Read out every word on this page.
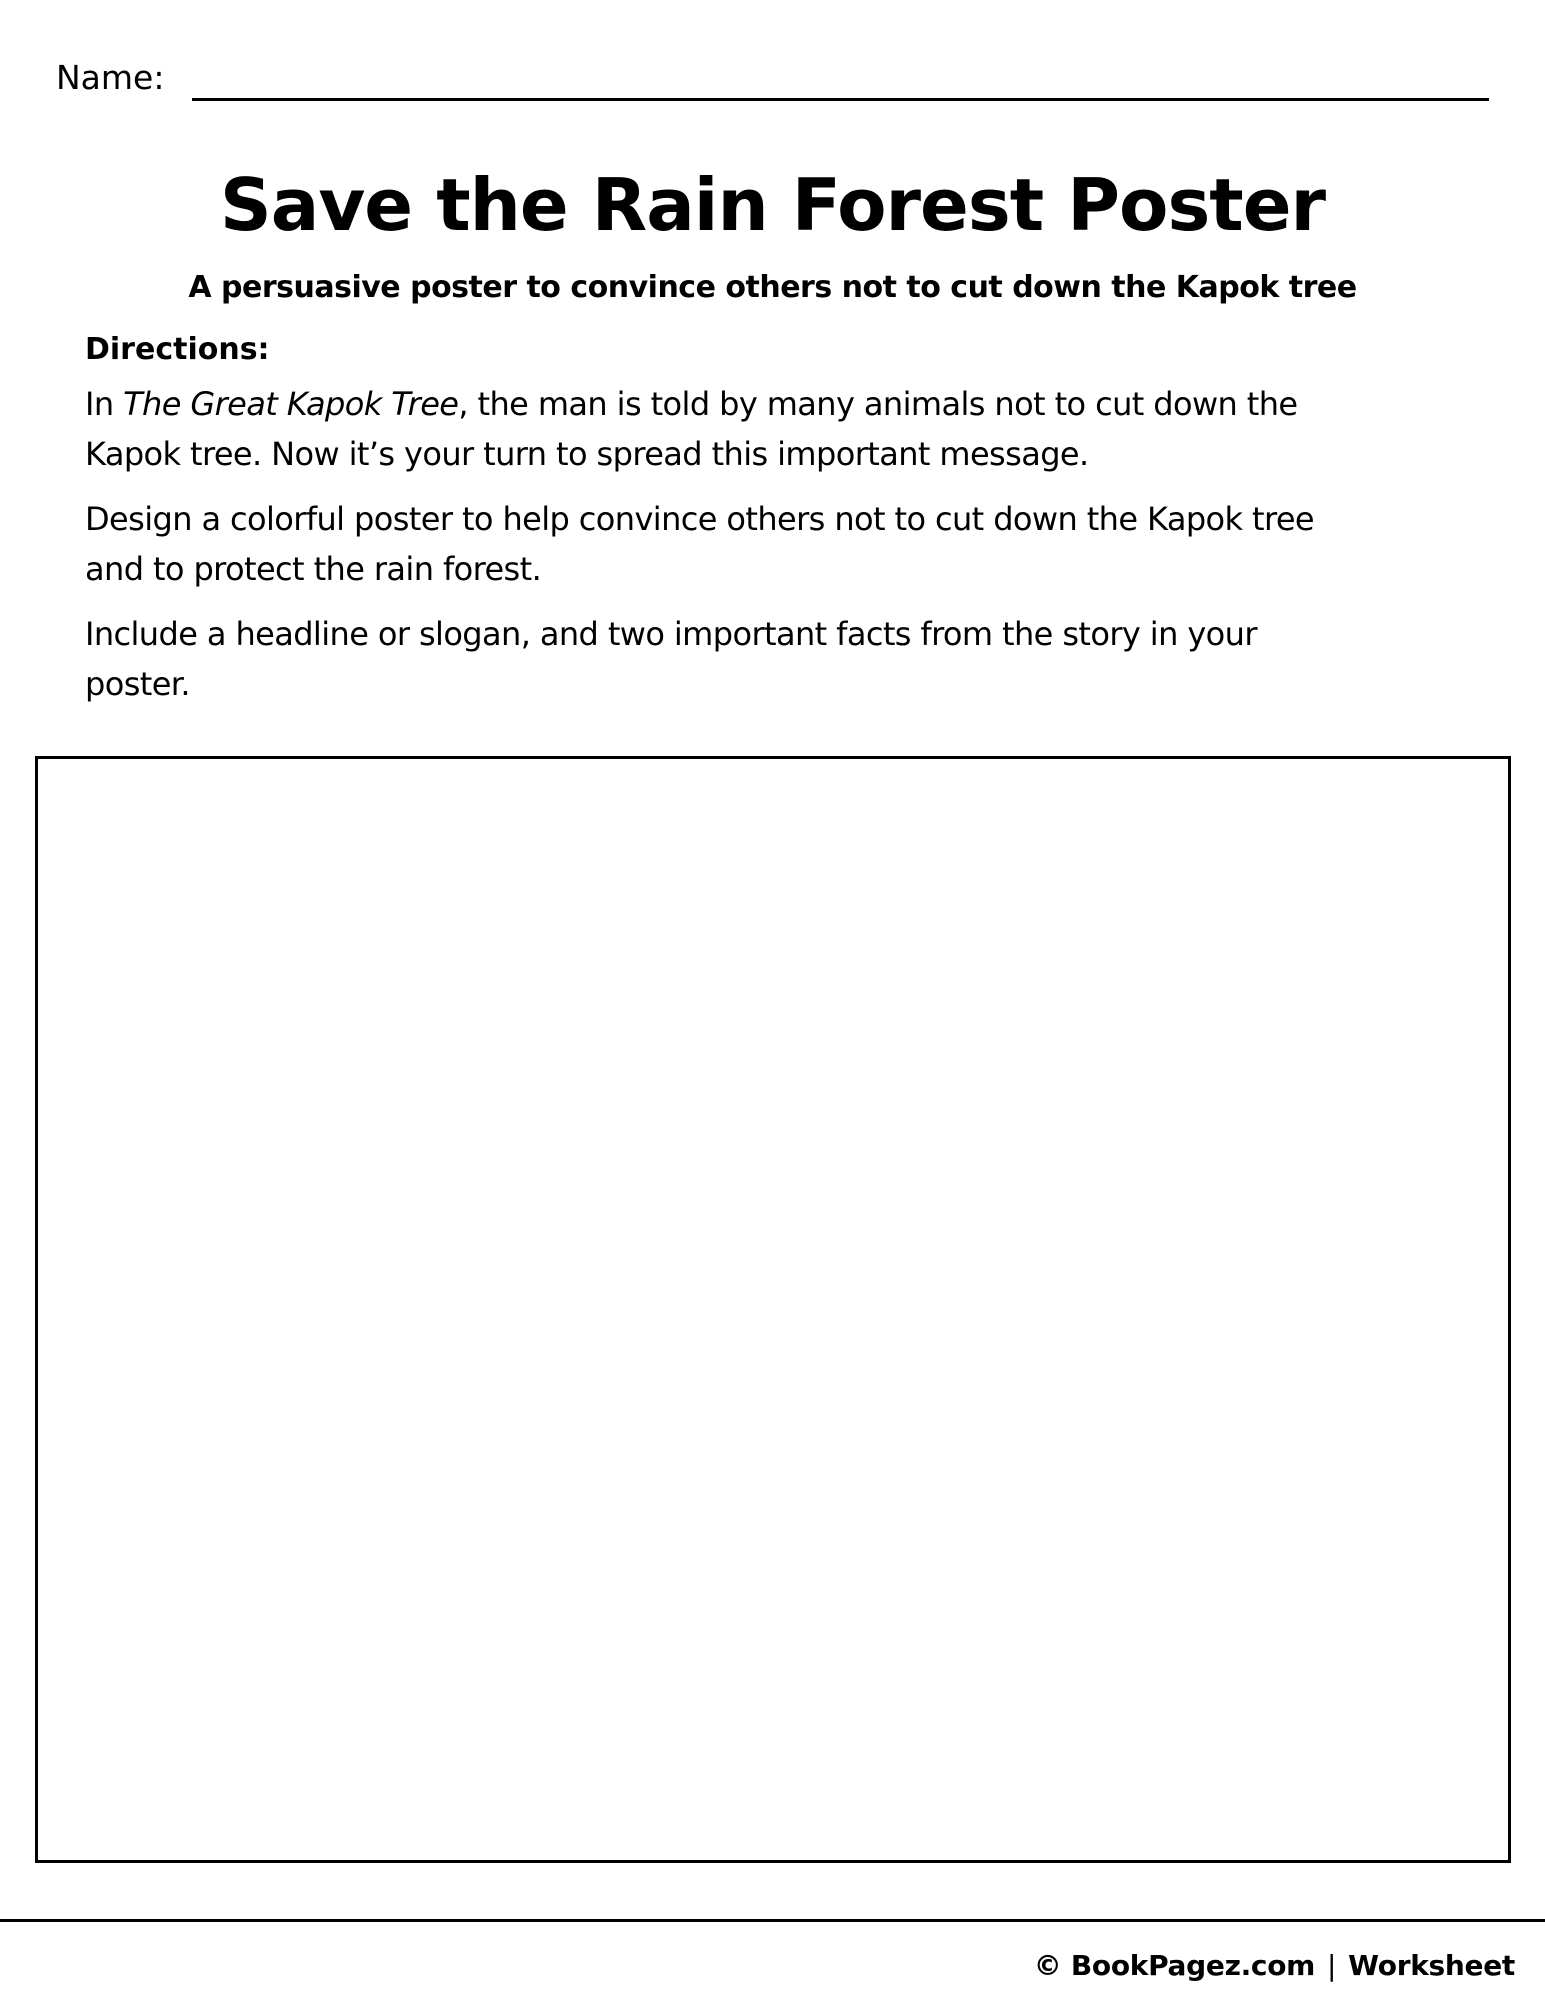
Name:
Save the Rain Forest Poster
A persuasive poster to convince others not to cut down the Kapok tree
Directions:
In The Great Kapok Tree, the man is told by many animals not to cut down the
Kapok tree. Now it’s your turn to spread this important message.
Design a colorful poster to help convince others not to cut down the Kapok tree
and to protect the rain forest.
Include a headline or slogan, and two important facts from the story in your
poster.
© BookPagez.com | Worksheet
